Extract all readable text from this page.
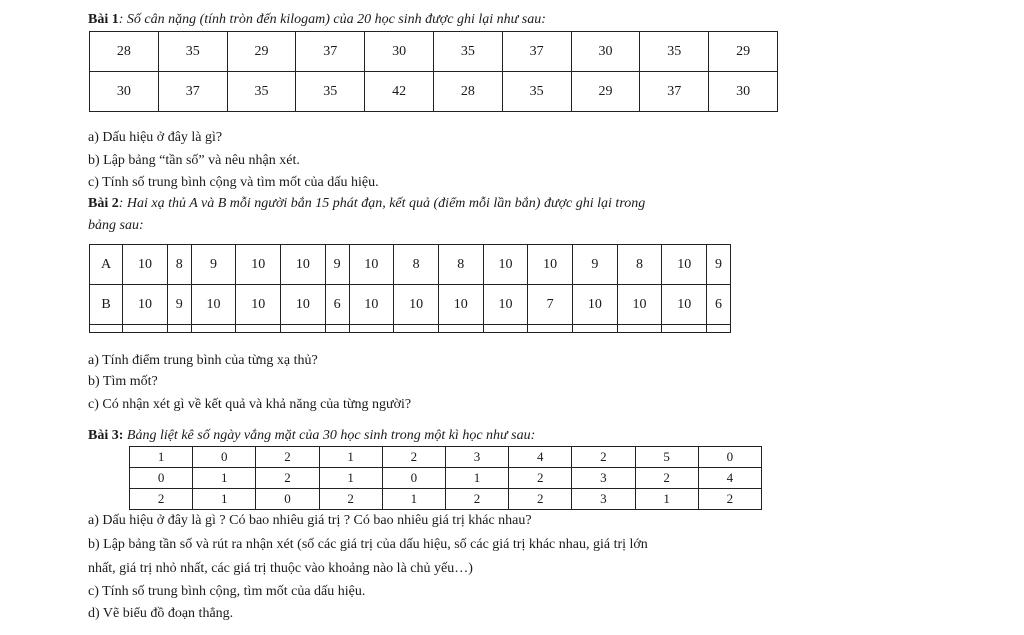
Bài 1: Số cân nặng (tính tròn đến kilogam) của 20 học sinh được ghi lại như sau:
28	35	29	37	30	35	37	30	35	29
30	37	35	35	42	28	35	29	37	30
a) Dấu hiệu ở đây là gì?
b) Lập bảng “tần số” và nêu nhận xét.
c) Tính số trung bình cộng và tìm mốt của dấu hiệu.
Bài 2: Hai xạ thủ A và B mỗi người bắn 15 phát đạn, kết quả (điểm mỗi lần bắn) được ghi lại trong
bảng sau:
A	10	8	9	10	10	9	10	8	8	10	10	9	8	10	9
B	10	9	10	10	10	6	10	10	10	10	7	10	10	10	6

a) Tính điểm trung bình của từng xạ thủ?
b) Tìm mốt?
c) Có nhận xét gì về kết quả và khả năng của từng người?
Bài 3: Bảng liệt kê số ngày vắng mặt của 30 học sinh trong một kì học như sau:
1	0	2	1	2	3	4	2	5	0
0	1	2	1	0	1	2	3	2	4
2	1	0	2	1	2	2	3	1	2
a) Dấu hiệu ở đây là gì ? Có bao nhiêu giá trị ? Có bao nhiêu giá trị khác nhau?
b) Lập bảng tần số và rút ra nhận xét (số các giá trị của dấu hiệu, số các giá trị khác nhau, giá trị lớn
nhất, giá trị nhỏ nhất, các giá trị thuộc vào khoảng nào là chủ yếu…)
c) Tính số trung bình cộng, tìm mốt của dấu hiệu.
d) Vẽ biểu đồ đoạn thẳng.
